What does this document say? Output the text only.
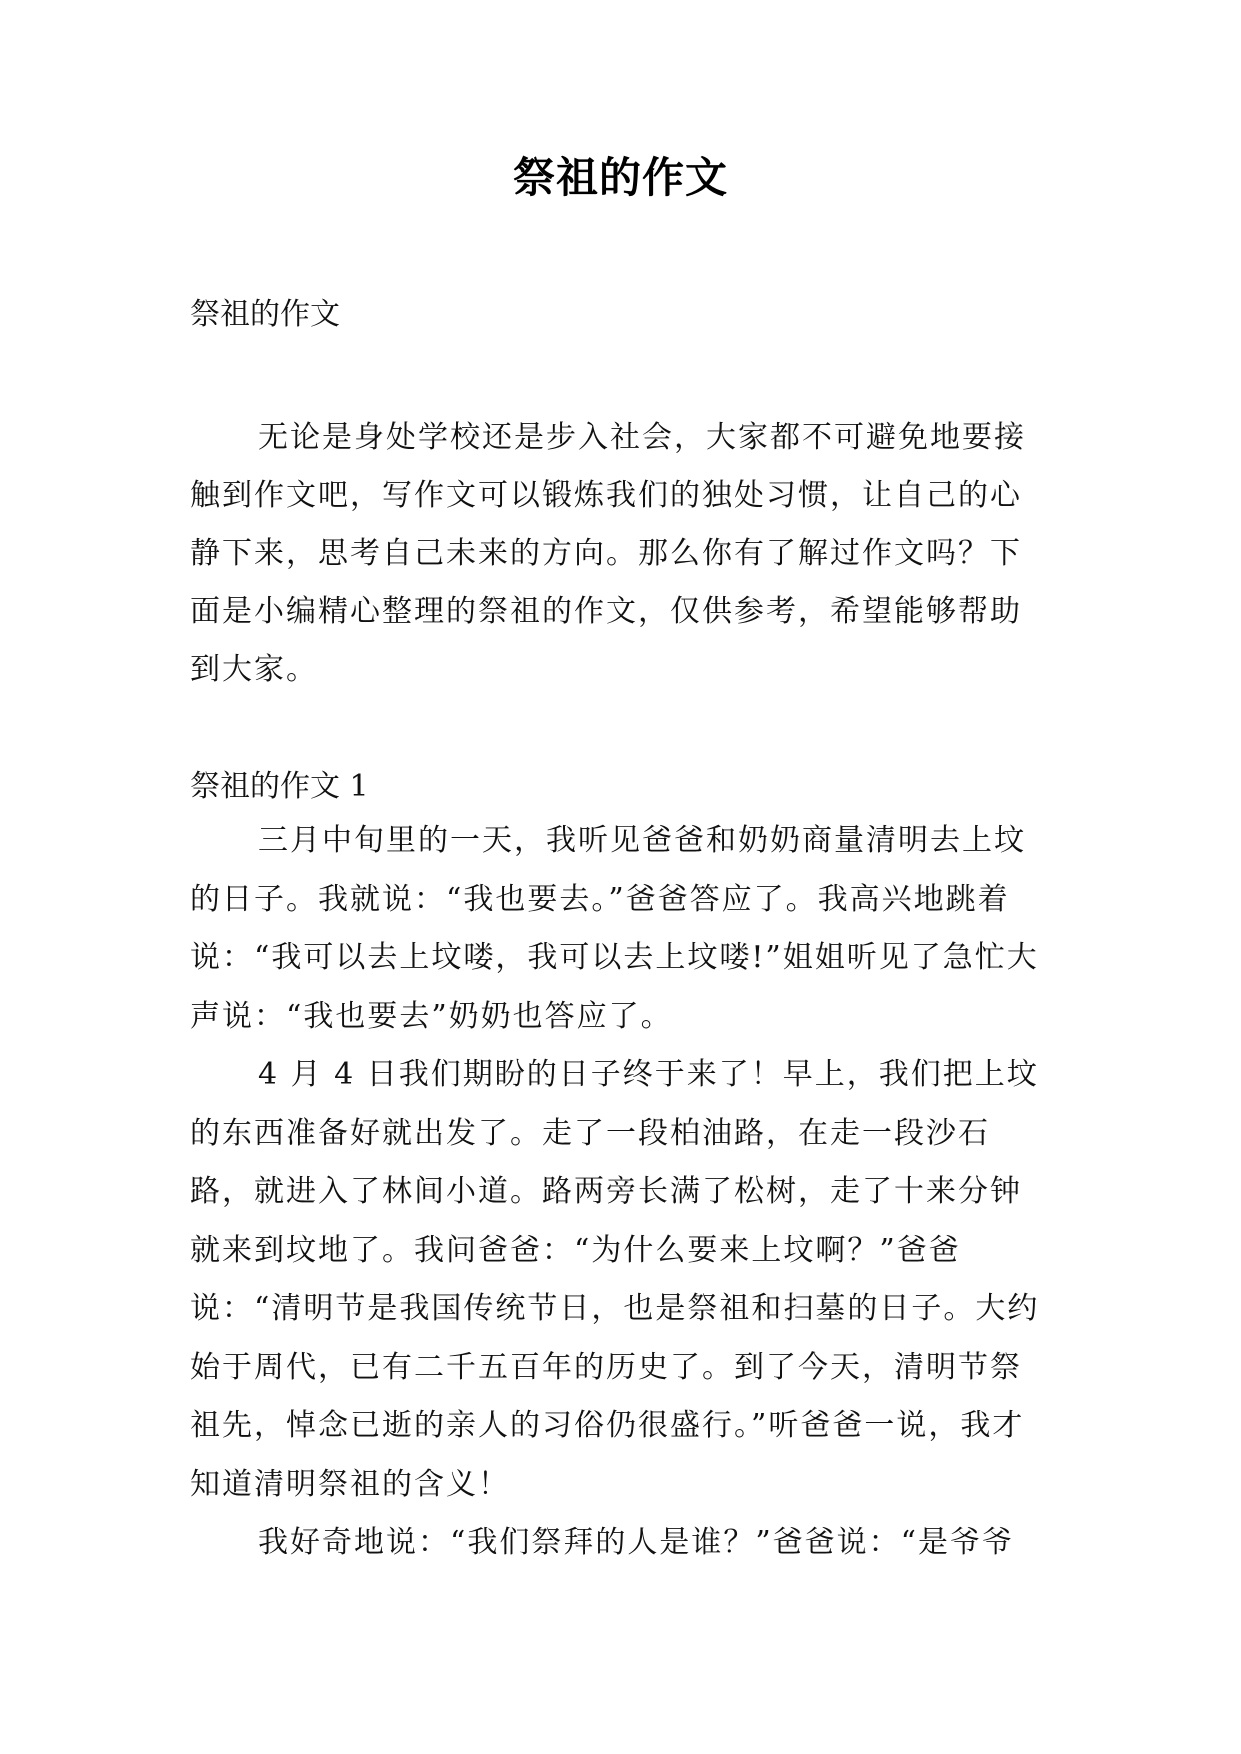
祭祖的作文

祭祖的作文

无论是身处学校还是步入社会，大家都不可避免地要接触到作文吧，写作文可以锻炼我们的独处习惯，让自己的心静下来，思考自己未来的方向。那么你有了解过作文吗？下面是小编精心整理的祭祖的作文，仅供参考，希望能够帮助到大家。

祭祖的作文 1

三月中旬里的一天，我听见爸爸和奶奶商量清明去上坟的日子。我就说：“我也要去。”爸爸答应了。我高兴地跳着说：“我可以去上坟喽，我可以去上坟喽!”姐姐听见了急忙大声说：“我也要去”奶奶也答应了。

4 月 4 日我们期盼的日子终于来了！早上，我们把上坟的东西准备好就出发了。走了一段柏油路，在走一段沙石路，就进入了林间小道。路两旁长满了松树，走了十来分钟就来到坟地了。我问爸爸：“为什么要来上坟啊？”爸爸说：“清明节是我国传统节日，也是祭祖和扫墓的日子。大约始于周代，已有二千五百年的历史了。到了今天，清明节祭祖先，悼念已逝的亲人的习俗仍很盛行。”听爸爸一说，我才知道清明祭祖的含义！

我好奇地说：“我们祭拜的人是谁？”爸爸说：“是爷爷
